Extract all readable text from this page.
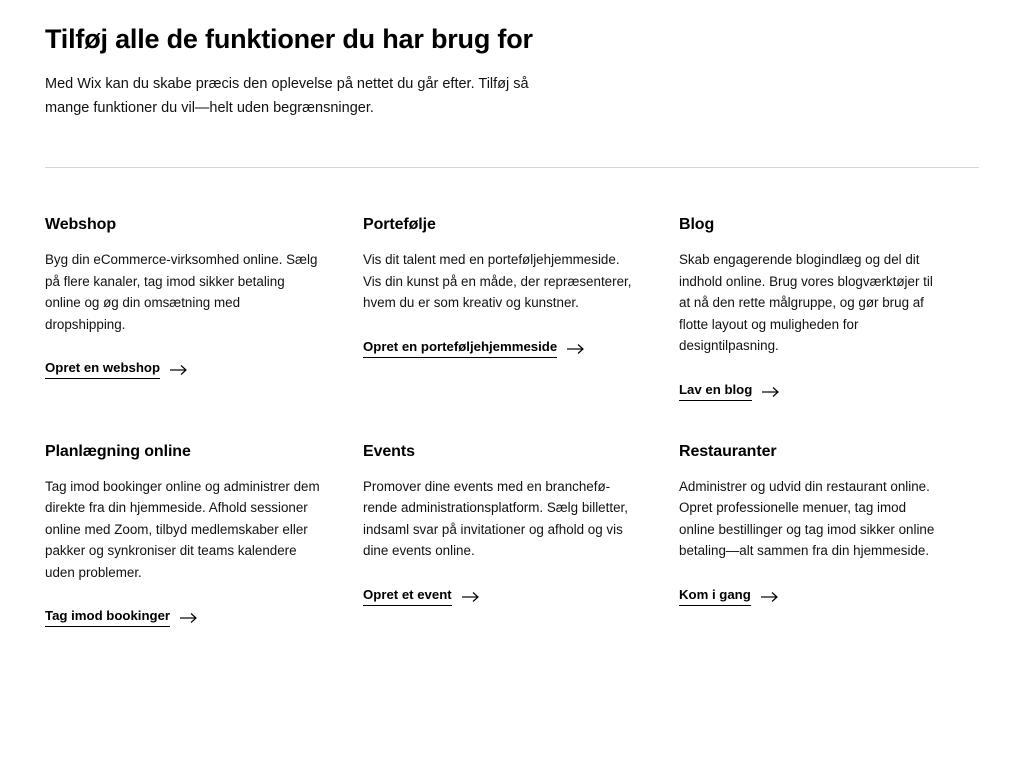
Tilføj alle de funktioner du har brug for

Med Wix kan du skabe præcis den oplevelse på nettet du går efter. Tilføj så mange funktioner du vil—helt uden begrænsninger.

Webshop

Byg din eCommerce-virksomhed online. Sælg på flere kanaler, tag imod sikker betaling online og øg din omsætning med dropshipping.

Opret en webshop
Portefølje

Vis dit talent med en porteføljehjemmeside. Vis din kunst på en måde, der repræsenterer, hvem du er som kreativ og kunstner.

Opret en porteføljehjemmeside
Blog

Skab engagerende blogindlæg og del dit indhold online. Brug vores blogværktøjer til at nå den rette målgruppe, og gør brug af flotte layout og muligheden for designtilpasning.

Lav en blog
Planlægning online

Tag imod bookinger online og administrer dem direkte fra din hjemmeside. Afhold sessioner online med Zoom, tilbyd medlemskaber eller pakker og synkroniser dit teams kalendere uden problemer.

Tag imod bookinger
Events

Promover dine events med en brancheførende administrationsplatform. Sælg billetter, indsaml svar på invitationer og afhold og vis dine events online.

Opret et event
Restauranter

Administrer og udvid din restaurant online. Opret professionelle menuer, tag imod online bestillinger og tag imod sikker online betaling—alt sammen fra din hjemmeside.

Kom i gang
